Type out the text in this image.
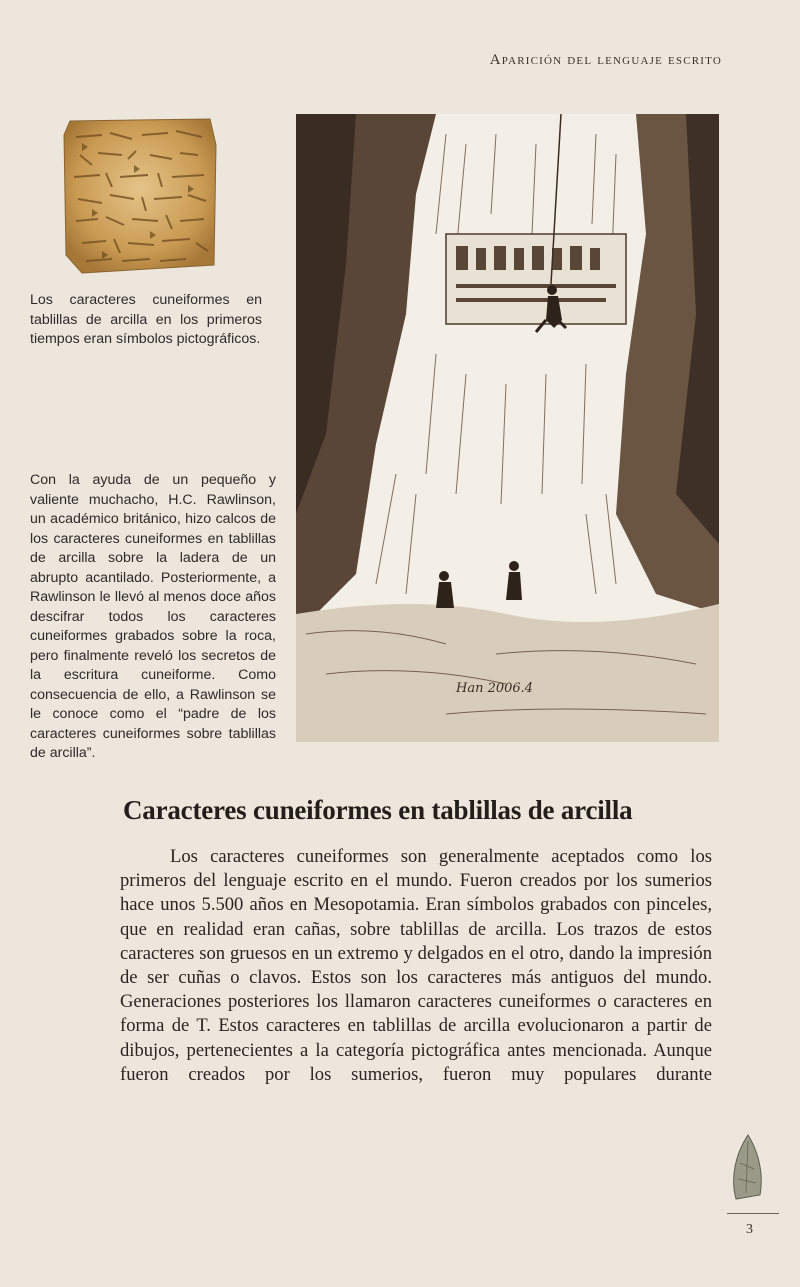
Aparición del lenguaje escrito
Los caracteres cuneiformes en tablillas de arcilla en los primeros tiempos eran símbolos pictográficos.
Con la ayuda de un pequeño y valiente muchacho, H.C. Rawlinson, un académico británico, hizo calcos de los caracteres cuneiformes en tablillas de arcilla sobre la ladera de un abrupto acantilado. Posteriormente, a Rawlinson le llevó al menos doce años descifrar todos los caracteres cuneiformes grabados sobre la roca, pero finalmente reveló los secretos de la escritura cuneiforme. Como consecuencia de ello, a Rawlinson se le conoce como el “padre de los caracteres cuneiformes sobre tablillas de arcilla”.
Han 2006.4
Caracteres cuneiformes en tablillas de arcilla
Los caracteres cuneiformes son generalmente aceptados como los primeros del lenguaje escrito en el mundo. Fueron creados por los sumerios hace unos 5.500 años en Mesopotamia. Eran símbolos grabados con pinceles, que en realidad eran cañas, sobre tablillas de arcilla. Los trazos de estos caracteres son gruesos en un extremo y delgados en el otro, dando la impresión de ser cuñas o clavos. Estos son los caracteres más antiguos del mundo. Generaciones posteriores los llamaron caracteres cuneiformes o caracteres en forma de T. Estos caracteres en tablillas de arcilla evolucionaron a partir de dibujos, pertenecientes a la categoría pictográfica antes mencionada. Aunque fueron creados por los sumerios, fueron muy populares durante
3
